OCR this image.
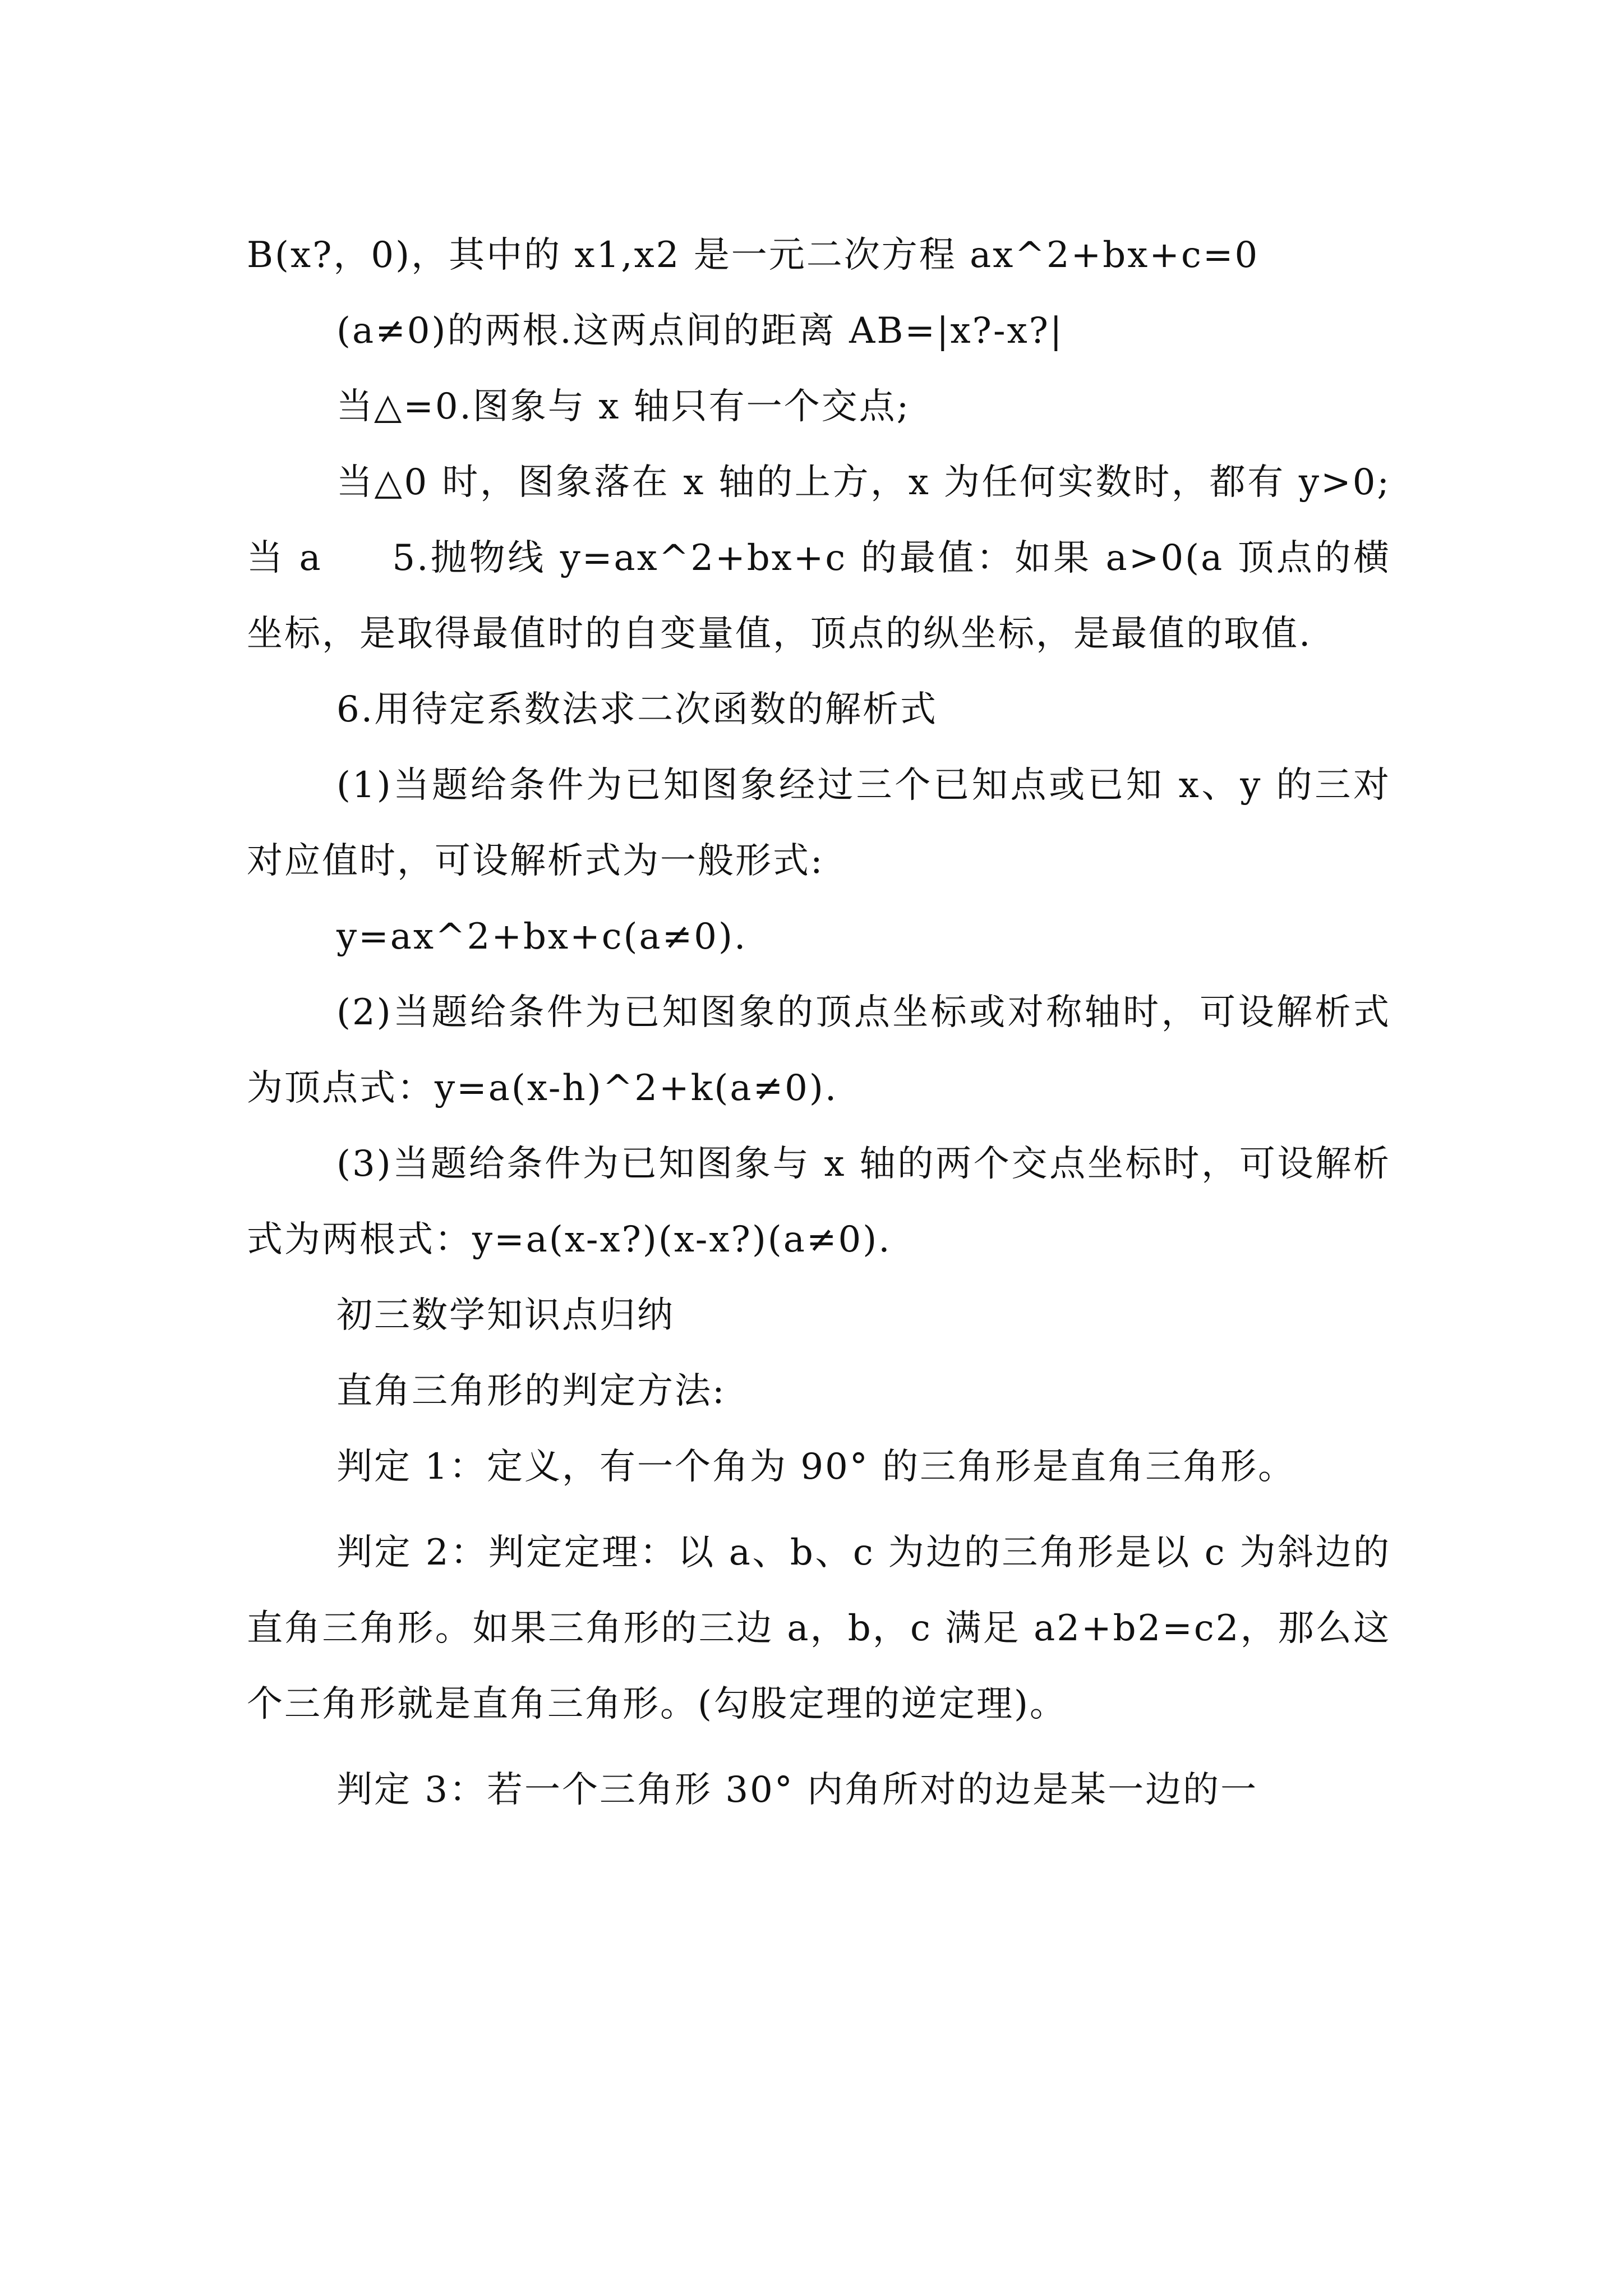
B(x?，0)，其中的 x1,x2 是一元二次方程 ax^2+bx+c=0

(a≠0)的两根.这两点间的距离 AB=|x?-x?|

当△=0.图象与 x 轴只有一个交点;

当△0 时，图象落在 x 轴的上方，x 为任何实数时，都有 y>0;当 a     5.抛物线 y=ax^2+bx+c 的最值：如果 a>0(a 顶点的横坐标，是取得最值时的自变量值，顶点的纵坐标，是最值的取值.

6.用待定系数法求二次函数的解析式

(1)当题给条件为已知图象经过三个已知点或已知 x、y 的三对对应值时，可设解析式为一般形式:

y=ax^2+bx+c(a≠0).

(2)当题给条件为已知图象的顶点坐标或对称轴时，可设解析式为顶点式：y=a(x-h)^2+k(a≠0).

(3)当题给条件为已知图象与 x 轴的两个交点坐标时，可设解析式为两根式：y=a(x-x?)(x-x?)(a≠0).

初三数学知识点归纳

直角三角形的判定方法:

判定 1：定义，有一个角为 90° 的三角形是直角三角形。

判定 2：判定定理：以 a、b、c 为边的三角形是以 c 为斜边的直角三角形。如果三角形的三边 a，b，c 满足 a2+b2=c2，那么这个三角形就是直角三角形。(勾股定理的逆定理)。

判定 3：若一个三角形 30° 内角所对的边是某一边的一
